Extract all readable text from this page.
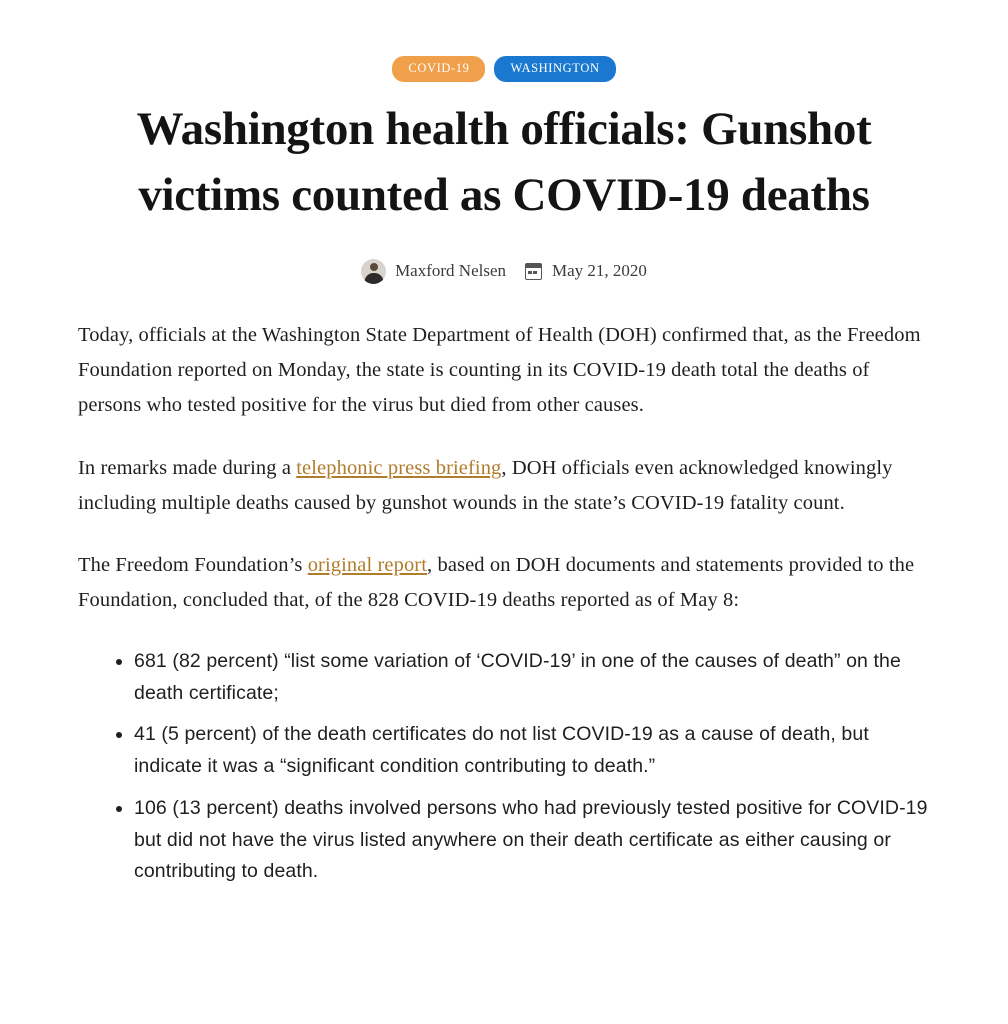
COVID-19	WASHINGTON
Washington health officials: Gunshot victims counted as COVID-19 deaths
Maxford Nelsen	May 21, 2020

Today, officials at the Washington State Department of Health (DOH) confirmed that, as the Freedom Foundation reported on Monday, the state is counting in its COVID-19 death total the deaths of persons who tested positive for the virus but died from other causes.

In remarks made during a telephonic press briefing, DOH officials even acknowledged knowingly including multiple deaths caused by gunshot wounds in the state’s COVID-19 fatality count.

The Freedom Foundation’s original report, based on DOH documents and statements provided to the Foundation, concluded that, of the 828 COVID-19 deaths reported as of May 8:

• 681 (82 percent) “list some variation of ‘COVID-19’ in one of the causes of death” on the death certificate;
• 41 (5 percent) of the death certificates do not list COVID-19 as a cause of death, but indicate it was a “significant condition contributing to death.”
• 106 (13 percent) deaths involved persons who had previously tested positive for COVID-19 but did not have the virus listed anywhere on their death certificate as either causing or contributing to death.
